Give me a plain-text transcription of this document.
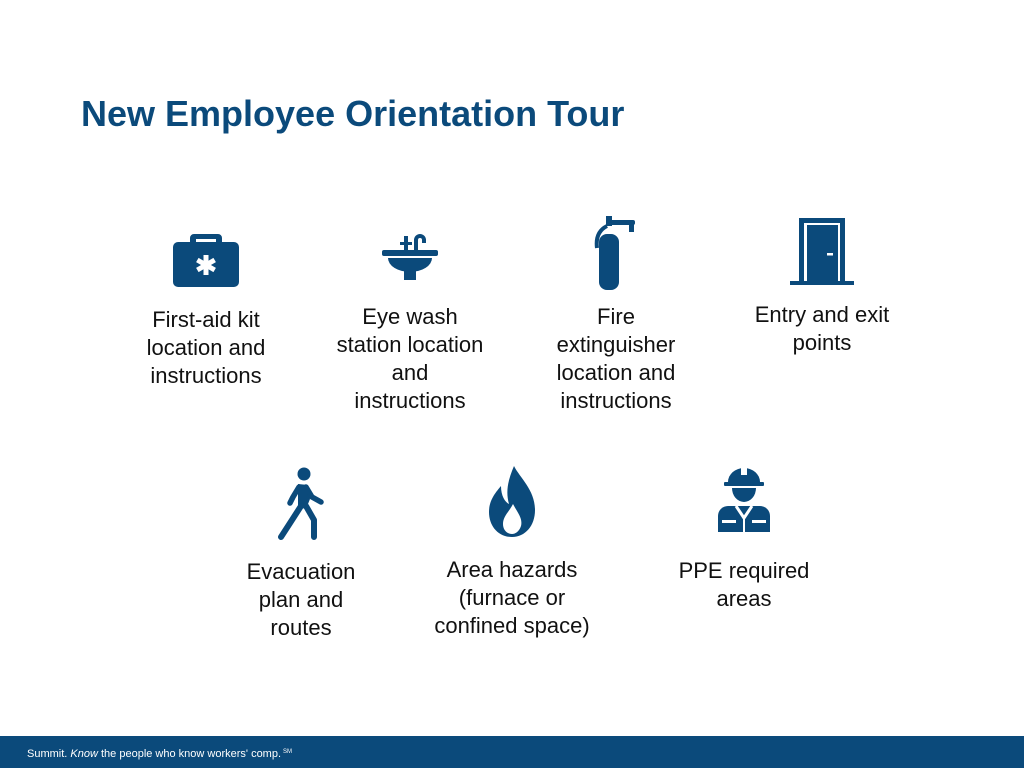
New Employee Orientation Tour
First-aid kit
location and
instructions
Eye wash
station location
and
instructions
Fire
extinguisher
location and
instructions
Entry and exit
points
Evacuation
plan and
routes
Area hazards
(furnace or
confined space)
PPE required
areas
Summit. Know the people who know workers' comp. ℠
